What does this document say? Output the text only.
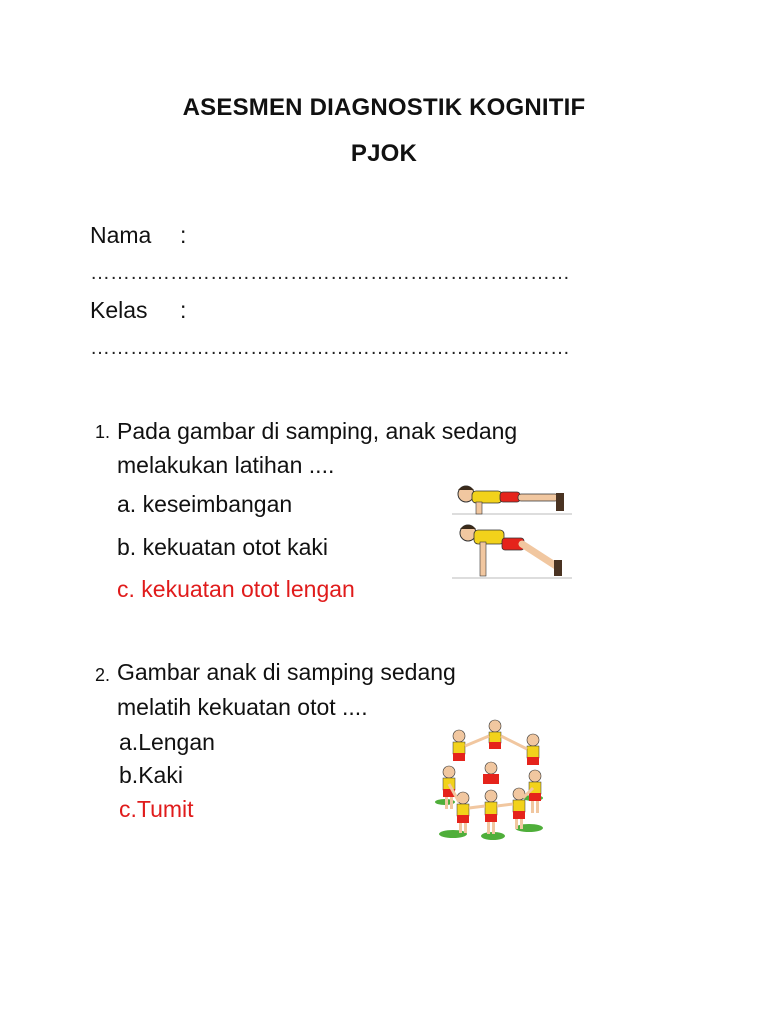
ASESMEN DIAGNOSTIK KOGNITIF
PJOK
Nama :
………………………………………………………………
Kelas :
………………………………………………………………
1. Pada gambar di samping, anak sedang
melakukan latihan ....
a. keseimbangan
b. kekuatan otot kaki
c. kekuatan otot lengan
2. Gambar anak di samping sedang
melatih kekuatan otot ....
a.Lengan
b.Kaki
c.Tumit
